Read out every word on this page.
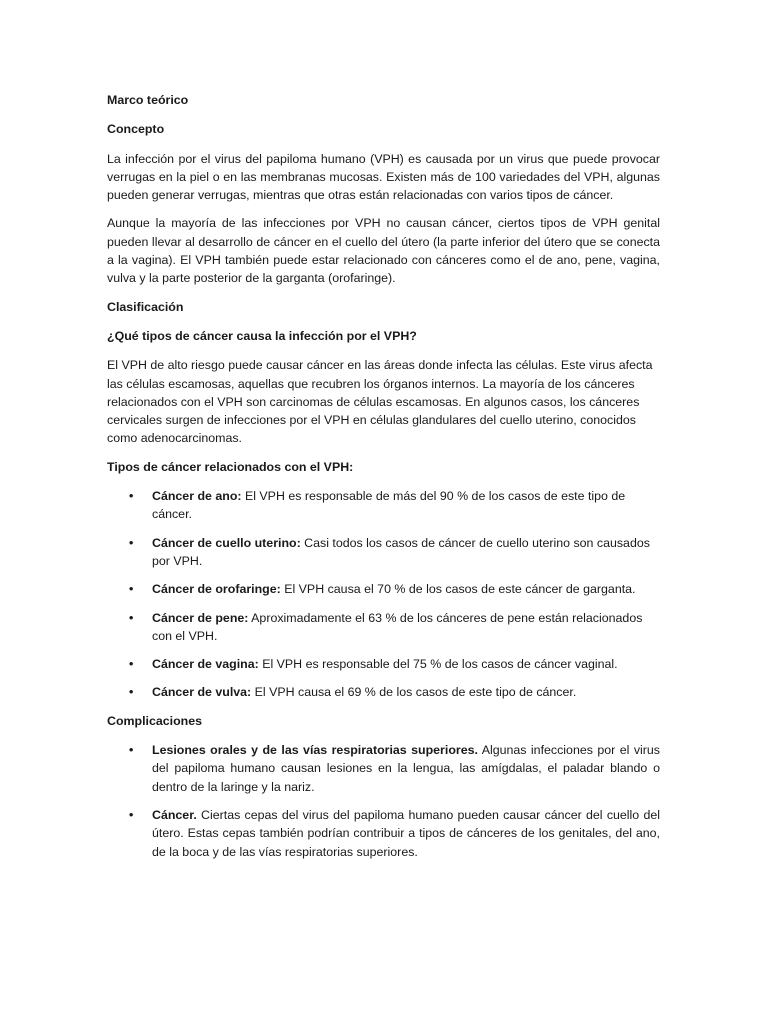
Marco teórico
Concepto

La infección por el virus del papiloma humano (VPH) es causada por un virus que puede provocar verrugas en la piel o en las membranas mucosas. Existen más de 100 variedades del VPH, algunas pueden generar verrugas, mientras que otras están relacionadas con varios tipos de cáncer.

Aunque la mayoría de las infecciones por VPH no causan cáncer, ciertos tipos de VPH genital pueden llevar al desarrollo de cáncer en el cuello del útero (la parte inferior del útero que se conecta a la vagina). El VPH también puede estar relacionado con cánceres como el de ano, pene, vagina, vulva y la parte posterior de la garganta (orofaringe).

Clasificación
¿Qué tipos de cáncer causa la infección por el VPH?

El VPH de alto riesgo puede causar cáncer en las áreas donde infecta las células. Este virus afecta las células escamosas, aquellas que recubren los órganos internos. La mayoría de los cánceres relacionados con el VPH son carcinomas de células escamosas. En algunos casos, los cánceres cervicales surgen de infecciones por el VPH en células glandulares del cuello uterino, conocidos como adenocarcinomas.

Tipos de cáncer relacionados con el VPH:
• Cáncer de ano: El VPH es responsable de más del 90 % de los casos de este tipo de cáncer.
• Cáncer de cuello uterino: Casi todos los casos de cáncer de cuello uterino son causados por VPH.
• Cáncer de orofaringe: El VPH causa el 70 % de los casos de este cáncer de garganta.
• Cáncer de pene: Aproximadamente el 63 % de los cánceres de pene están relacionados con el VPH.
• Cáncer de vagina: El VPH es responsable del 75 % de los casos de cáncer vaginal.
• Cáncer de vulva: El VPH causa el 69 % de los casos de este tipo de cáncer.
Complicaciones
• Lesiones orales y de las vías respiratorias superiores. Algunas infecciones por el virus del papiloma humano causan lesiones en la lengua, las amígdalas, el paladar blando o dentro de la laringe y la nariz.
• Cáncer. Ciertas cepas del virus del papiloma humano pueden causar cáncer del cuello del útero. Estas cepas también podrían contribuir a tipos de cánceres de los genitales, del ano, de la boca y de las vías respiratorias superiores.
